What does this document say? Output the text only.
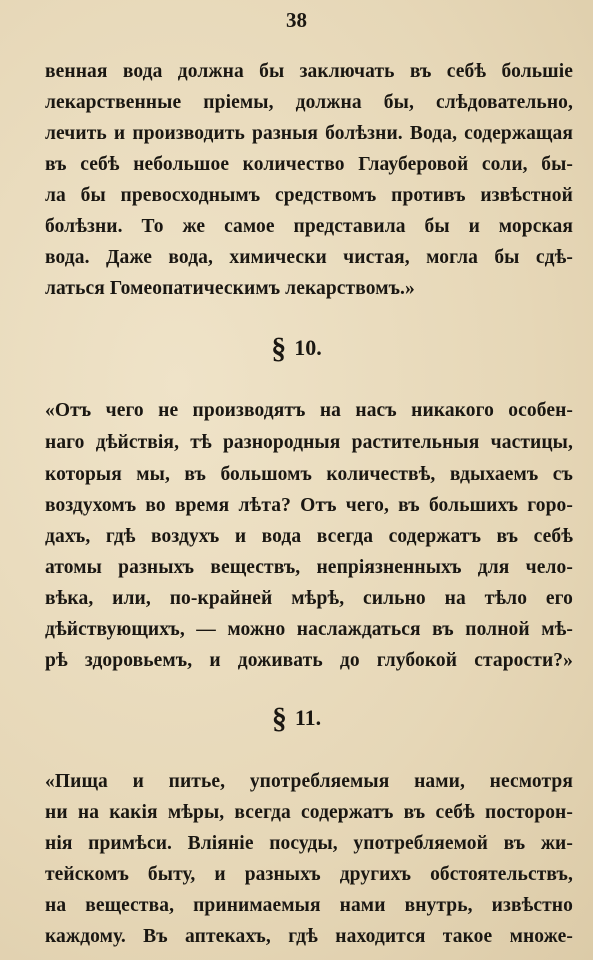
38
венная вода должна бы заключать въ себѣ большіе
лекарственные пріемы, должна бы, слѣдовательно,
лечить и производить разныя болѣзни. Вода, содержащая
въ себѣ небольшое количество Глауберовой соли, бы-
ла бы превосходнымъ средствомъ противъ извѣстной
болѣзни. То же самое представила бы и морская
вода. Даже вода, химически чистая, могла бы сдѣ-
латься Гомеопатическимъ лекарствомъ.»
§ 10.
«Отъ чего не производятъ на насъ никакого особен-
наго дѣйствія, тѣ разнородныя растительныя частицы,
которыя мы, въ большомъ количествѣ, вдыхаемъ съ
воздухомъ во время лѣта? Отъ чего, въ большихъ горо-
дахъ, гдѣ воздухъ и вода всегда содержатъ въ себѣ
атомы разныхъ веществъ, непріязненныхъ для чело-
вѣка, или, по-крайней мѣрѣ, сильно на тѣло его
дѣйствующихъ, — можно наслаждаться въ полной мѣ-
рѣ здоровьемъ, и доживать до глубокой старости?»
§ 11.
«Пища и питье, употребляемыя нами, несмотря
ни на какія мѣры, всегда содержатъ въ себѣ посторон-
нія примѣси. Вліяніе посуды, употребляемой въ жи-
тейскомъ быту, и разныхъ другихъ обстоятельствъ,
на вещества, принимаемыя нами внутрь, извѣстно
каждому. Въ аптекахъ, гдѣ находится такое множе-
